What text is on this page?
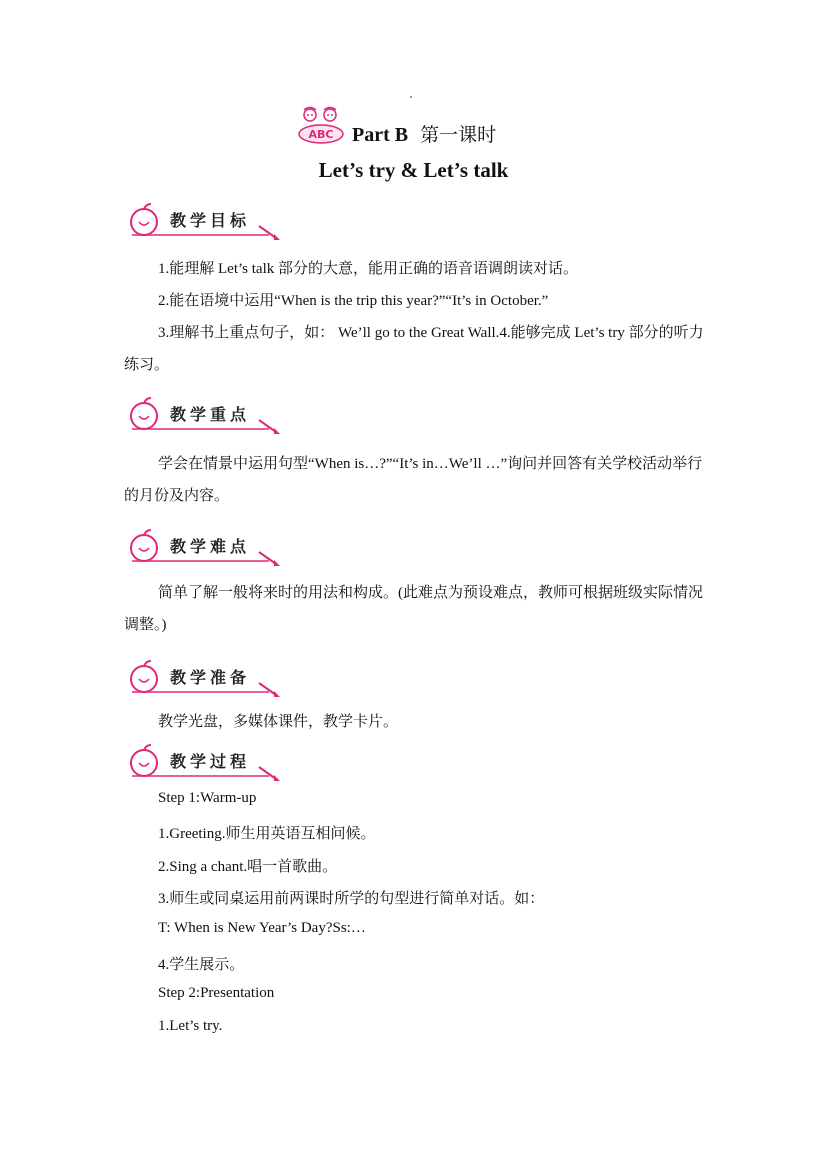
ABC Part B 第一课时
Let’s try & Let’s talk
教学目标

1.能理解 Let’s talk 部分的大意，能用正确的语音语调朗读对话。

2.能在语境中运用“When is the trip this year?”“It’s in October.”

3.理解书上重点句子，如： We’ll go to the Great Wall.4.能够完成 Let’s try 部分的听力练习。

教学重点

学会在情景中运用句型“When is…?”“It’s in…We’ll …”询问并回答有关学校活动举行的月份及内容。

教学难点

简单了解一般将来时的用法和构成。(此难点为预设难点，教师可根据班级实际情况调整。)

教学准备

教学光盘，多媒体课件，教学卡片。

教学过程
Step 1:Warm-up
1.Greeting.师生用英语互相问候。
2.Sing a chant.唱一首歌曲。
3.师生或同桌运用前两课时所学的句型进行简单对话。如：
T: When is New Year’s Day?Ss:…
4.学生展示。
Step 2:Presentation
1.Let’s try.
